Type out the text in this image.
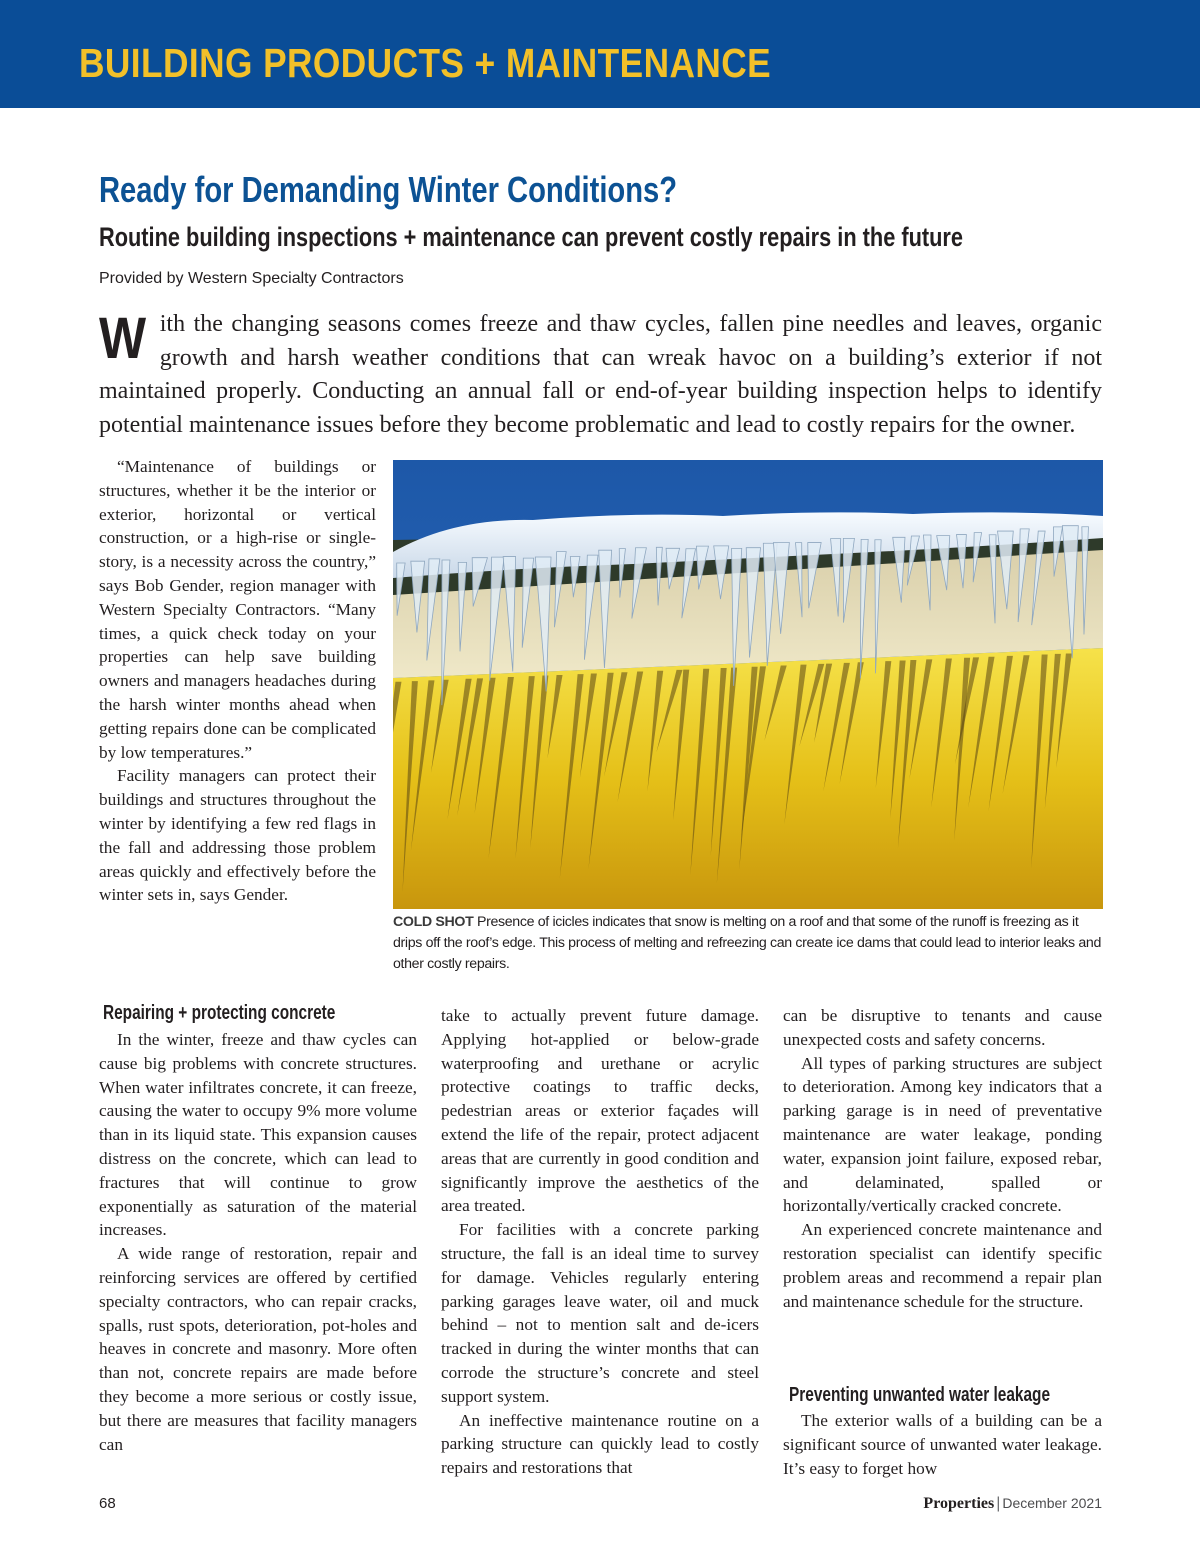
BUILDING PRODUCTS + MAINTENANCE
Ready for Demanding Winter Conditions?
Routine building inspections + maintenance can prevent costly repairs in the future

Provided by Western Specialty Contractors

With the changing seasons comes freeze and thaw cycles, fallen pine needles and leaves, organic growth and harsh weather conditions that can wreak havoc on a building’s exterior if not maintained properly. Conducting an annual fall or end-of-year building inspection helps to identify potential maintenance issues before they become problematic and lead to costly repairs for the owner.

“Maintenance of buildings or structures, whether it be the interior or exterior, horizontal or vertical construction, or a high-rise or single-story, is a necessity across the country,” says Bob Gender, region manager with Western Specialty Contractors. “Many times, a quick check today on your properties can help save building owners and managers headaches during the harsh winter months ahead when getting repairs done can be complicated by low temperatures.”

Facility managers can protect their buildings and structures throughout the winter by identifying a few red flags in the fall and addressing those problem areas quickly and effectively before the winter sets in, says Gender.

COLD SHOT Presence of icicles indicates that snow is melting on a roof and that some of the runoff is freezing as it drips off the roof’s edge. This process of melting and refreezing can create ice dams that could lead to interior leaks and other costly repairs.

Repairing + protecting concrete

In the winter, freeze and thaw cycles can cause big problems with concrete structures. When water infiltrates concrete, it can freeze, causing the water to occupy 9% more volume than in its liquid state. This expansion causes distress on the concrete, which can lead to fractures that will continue to grow exponentially as saturation of the material increases.

A wide range of restoration, repair and reinforcing services are offered by certified specialty contractors, who can repair cracks, spalls, rust spots, deterioration, pot-holes and heaves in concrete and masonry. More often than not, concrete repairs are made before they become a more serious or costly issue, but there are measures that facility managers can

take to actually prevent future damage. Applying hot-applied or below-grade waterproofing and urethane or acrylic protective coatings to traffic decks, pedestrian areas or exterior façades will extend the life of the repair, protect adjacent areas that are currently in good condition and significantly improve the aesthetics of the area treated.

For facilities with a concrete parking structure, the fall is an ideal time to survey for damage. Vehicles regularly entering parking garages leave water, oil and muck behind – not to mention salt and de-icers tracked in during the winter months that can corrode the structure’s concrete and steel support system.

An ineffective maintenance routine on a parking structure can quickly lead to costly repairs and restorations that

can be disruptive to tenants and cause unexpected costs and safety concerns.

All types of parking structures are subject to deterioration. Among key indicators that a parking garage is in need of preventative maintenance are water leakage, ponding water, expansion joint failure, exposed rebar, and delaminated, spalled or horizontally/vertically cracked concrete.

An experienced concrete maintenance and restoration specialist can identify specific problem areas and recommend a repair plan and maintenance schedule for the structure.

Preventing unwanted water leakage

The exterior walls of a building can be a significant source of unwanted water leakage. It’s easy to forget how

68	Properties | December 2021
